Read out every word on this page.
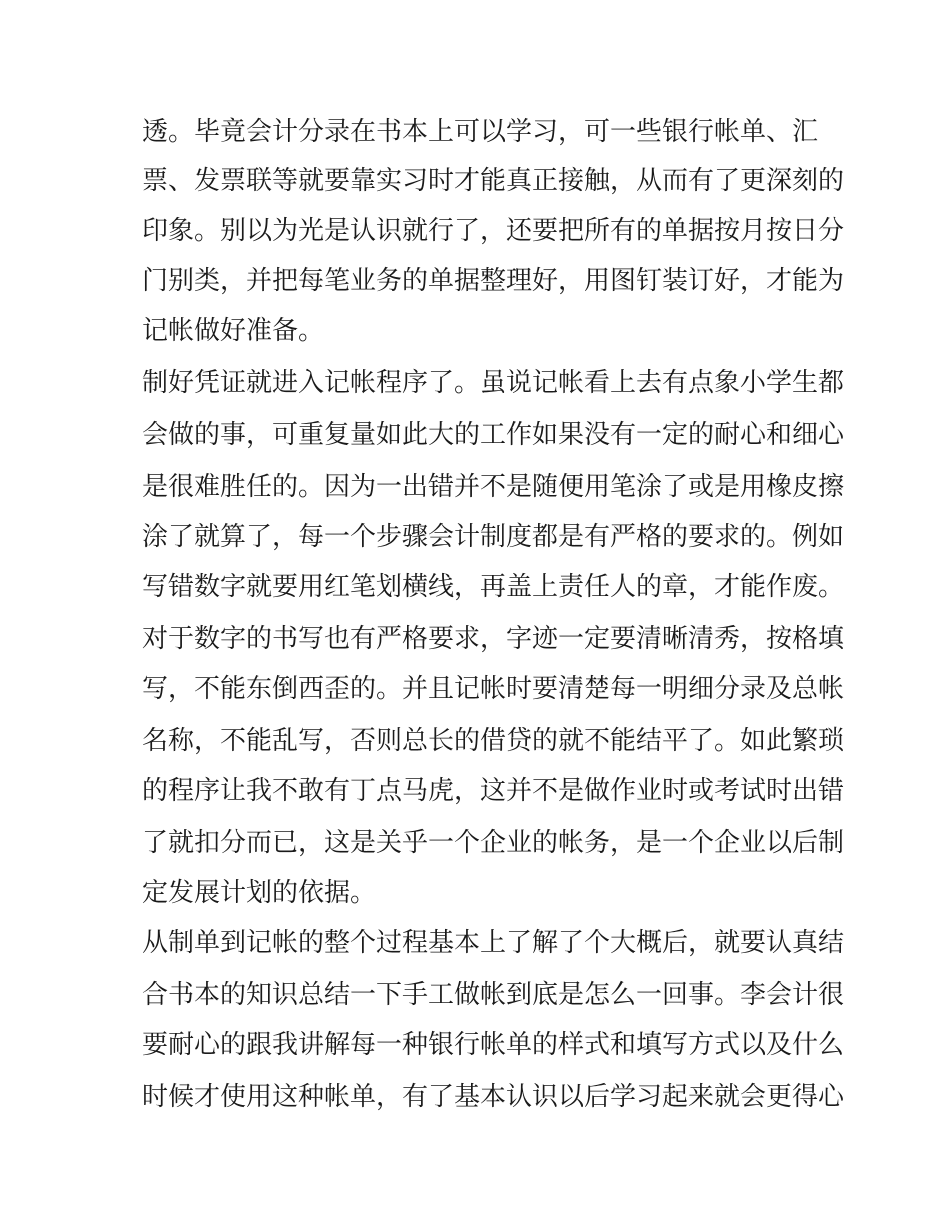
透。毕竟会计分录在书本上可以学习，可一些银行帐单、汇
票、发票联等就要靠实习时才能真正接触，从而有了更深刻的
印象。别以为光是认识就行了，还要把所有的单据按月按日分
门别类，并把每笔业务的单据整理好，用图钉装订好，才能为
记帐做好准备。
制好凭证就进入记帐程序了。虽说记帐看上去有点象小学生都
会做的事，可重复量如此大的工作如果没有一定的耐心和细心
是很难胜任的。因为一出错并不是随便用笔涂了或是用橡皮擦
涂了就算了，每一个步骤会计制度都是有严格的要求的。例如
写错数字就要用红笔划横线，再盖上责任人的章，才能作废。
对于数字的书写也有严格要求，字迹一定要清晰清秀，按格填
写，不能东倒西歪的。并且记帐时要清楚每一明细分录及总帐
名称，不能乱写，否则总长的借贷的就不能结平了。如此繁琐
的程序让我不敢有丁点马虎，这并不是做作业时或考试时出错
了就扣分而已，这是关乎一个企业的帐务，是一个企业以后制
定发展计划的依据。
从制单到记帐的整个过程基本上了解了个大概后，就要认真结
合书本的知识总结一下手工做帐到底是怎么一回事。李会计很
要耐心的跟我讲解每一种银行帐单的样式和填写方式以及什么
时候才使用这种帐单，有了基本认识以后学习起来就会更得心
